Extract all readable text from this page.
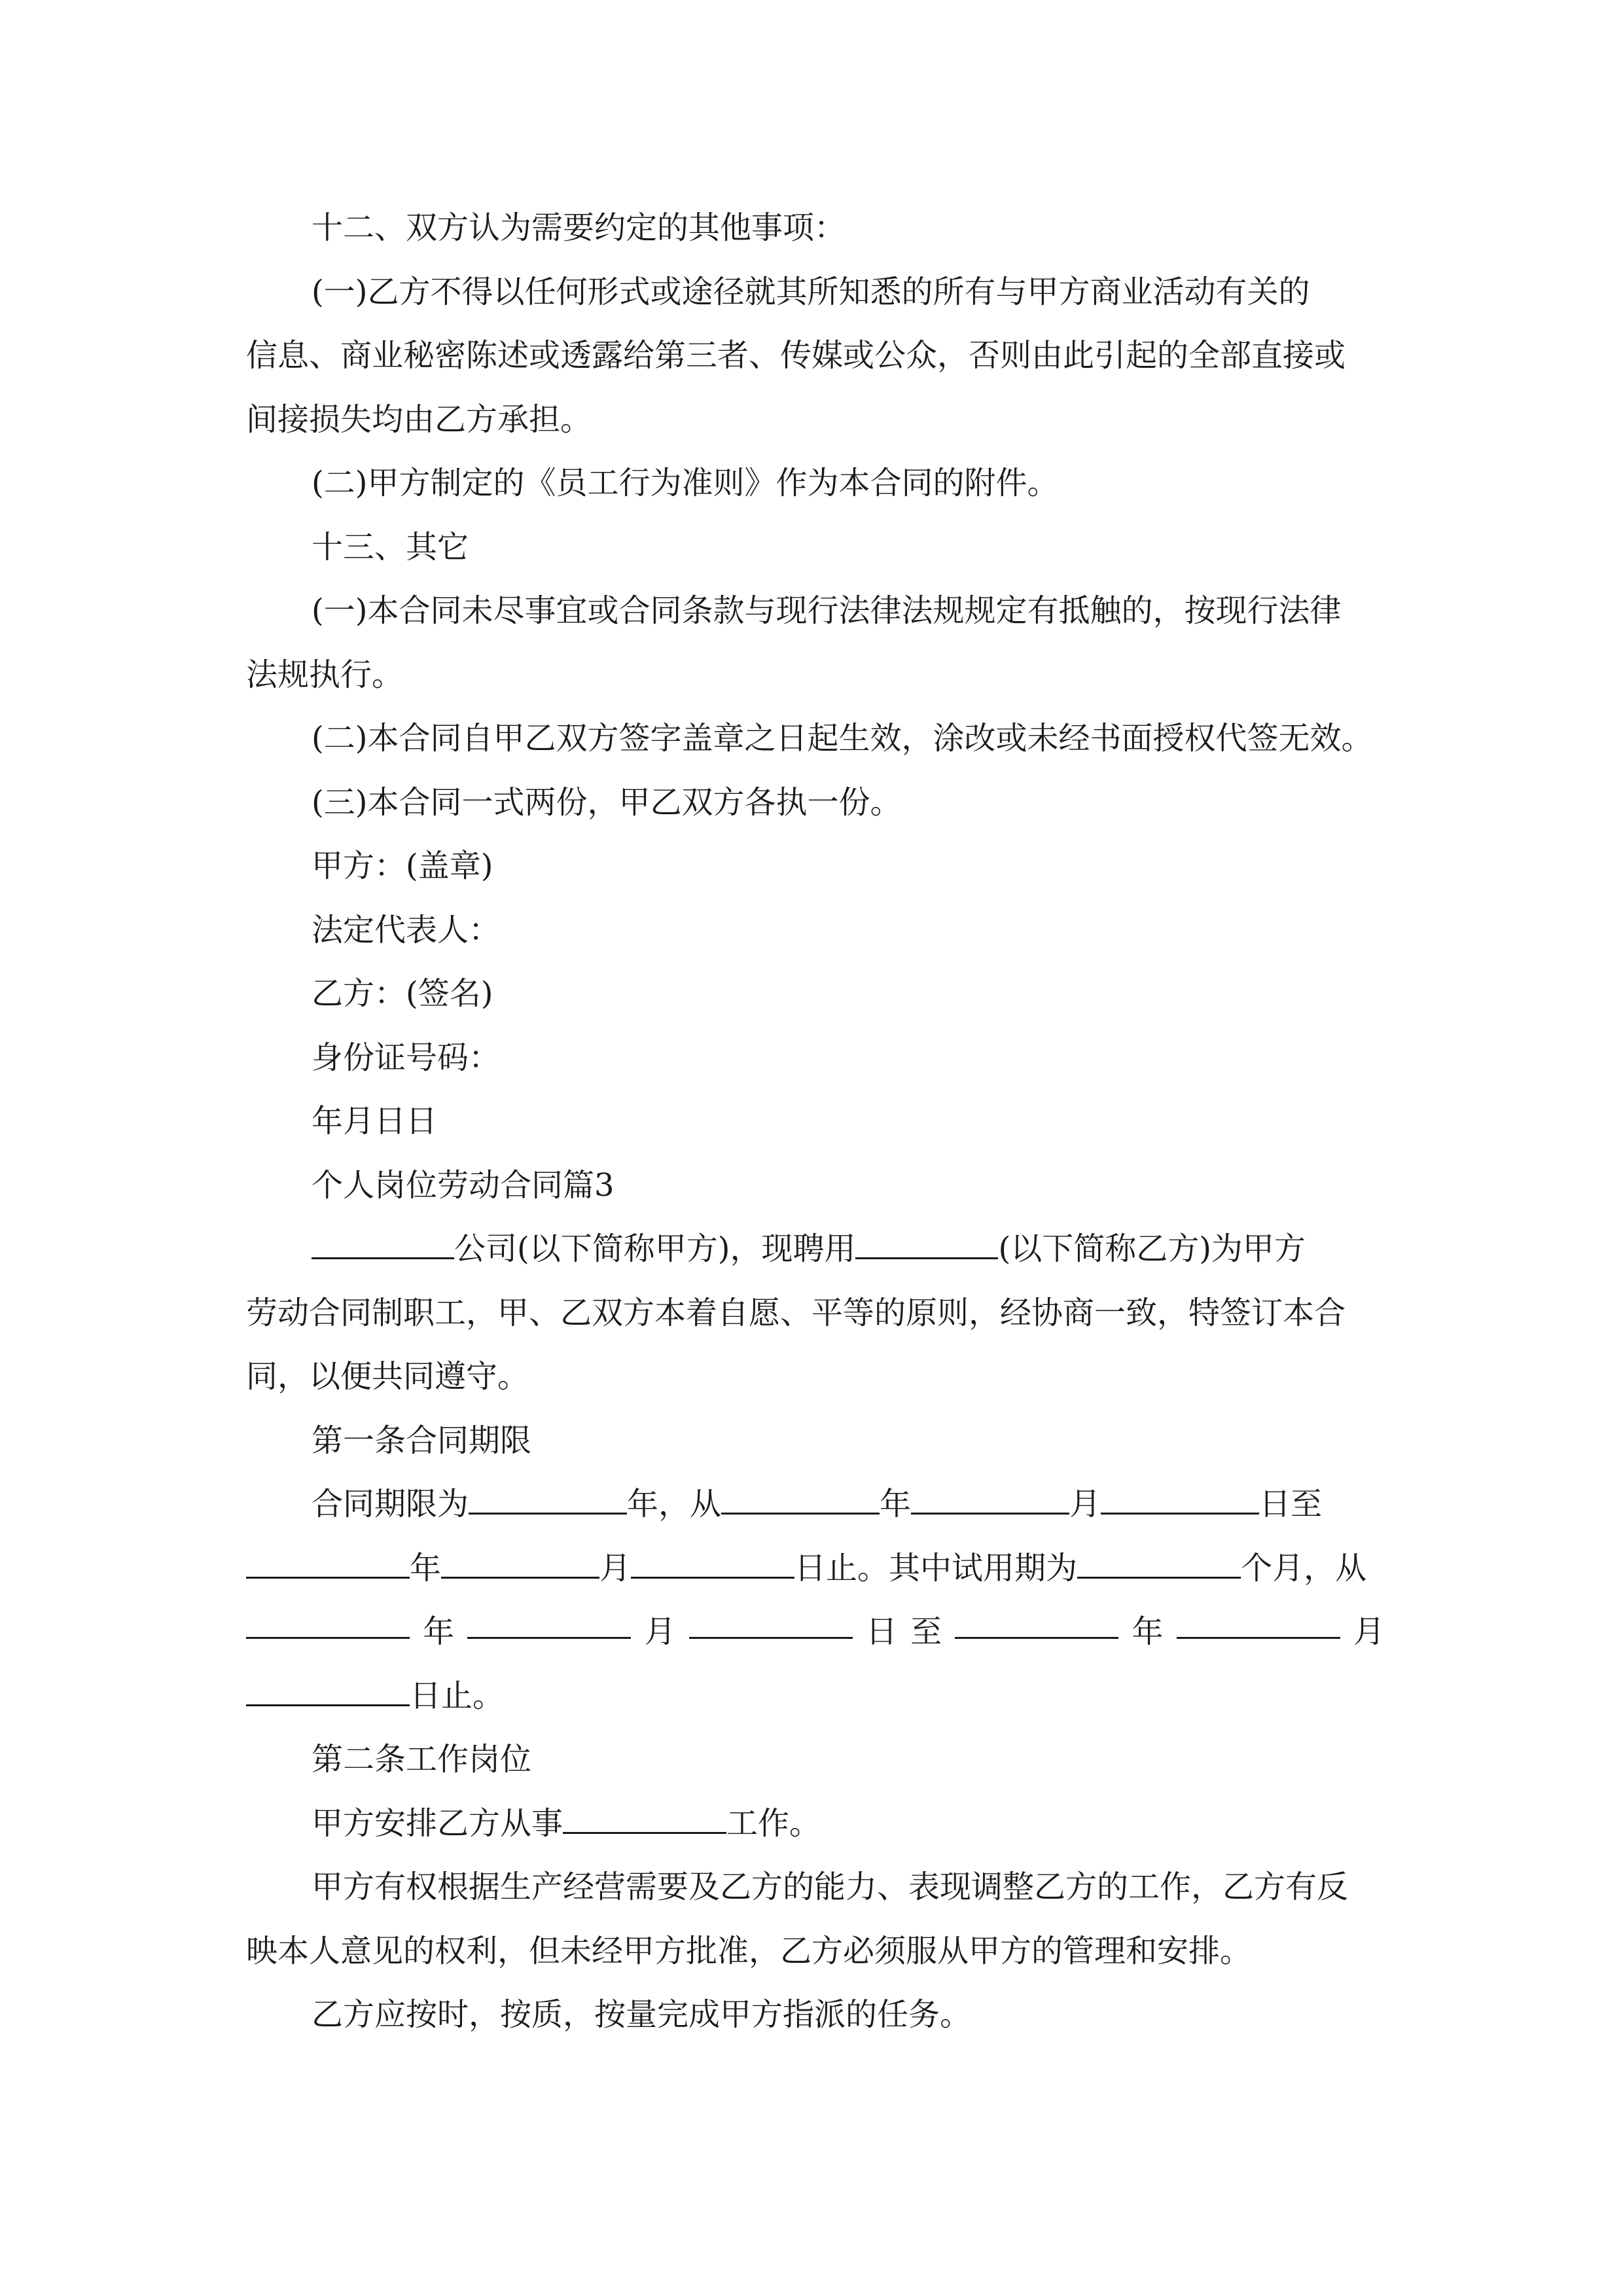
十二、双方认为需要约定的其他事项：

(一)乙方不得以任何形式或途径就其所知悉的所有与甲方商业活动有关的

信息、商业秘密陈述或透露给第三者、传媒或公众，否则由此引起的全部直接或

间接损失均由乙方承担。

(二)甲方制定的《员工行为准则》作为本合同的附件。

十三、其它

(一)本合同未尽事宜或合同条款与现行法律法规规定有抵触的，按现行法律

法规执行。

(二)本合同自甲乙双方签字盖章之日起生效，涂改或未经书面授权代签无效。

(三)本合同一式两份，甲乙双方各执一份。

甲方：(盖章)

法定代表人：

乙方：(签名)

身份证号码：

年月日日

个人岗位劳动合同篇3

公司(以下简称甲方)，现聘用	(以下简称乙方)为甲方

劳动合同制职工，甲、乙双方本着自愿、平等的原则，经协商一致，特签订本合

同，以便共同遵守。

第一条合同期限

合同期限为	年，从	年	月	日至

年	月	日止。其中试用期为	个月，从

年	月	日 至	年	月

日止。

第二条工作岗位

甲方安排乙方从事	工作。

甲方有权根据生产经营需要及乙方的能力、表现调整乙方的工作，乙方有反

映本人意见的权利，但未经甲方批准，乙方必须服从甲方的管理和安排。

乙方应按时，按质，按量完成甲方指派的任务。
